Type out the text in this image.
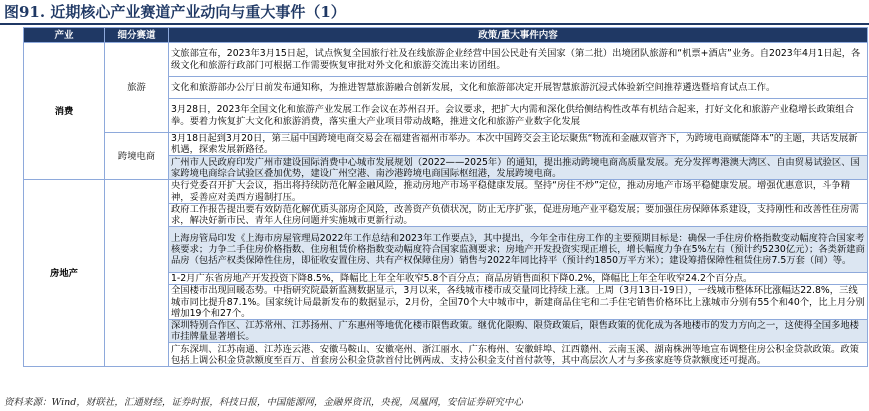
图91. 近期核心产业赛道产业动向与重大事件（1）
产业	细分赛道	政策/重大事件内容
消费	旅游	文旅部宣布，2023年3月15日起，试点恢复全国旅行社及在线旅游企业经营中国公民赴有关国家（第二批）出境团队旅游和“机票+酒店”业务。自2023年4月1日起，各级文化和旅游行政部门可根据工作需要恢复审批对外文化和旅游交流出来访团组。
		文化和旅游部办公厅日前发布通知称，为推进智慧旅游融合创新发展，文化和旅游部决定开展智慧旅游沉浸式体验新空间推荐遴选暨培育试点工作。
		3月28日，2023年全国文化和旅游产业发展工作会议在苏州召开。会议要求，把扩大内需和深化供给侧结构性改革有机结合起来，打好文化和旅游产业稳增长政策组合拳。要着力恢复扩大文化和旅游消费，落实重大产业项目带动战略，推进文化和旅游产业数字化发展
	跨境电商	3月18日起到3月20日，第三届中国跨境电商交易会在福建省福州市举办。本次中国跨交会主论坛聚焦“物流和金融双管齐下，为跨境电商赋能降本”的主题，共话发展新机遇，探索发展新路径。
		广州市人民政府印发广州市建设国际消费中心城市发展规划（2022——2025年）的通知，提出推动跨境电商高质量发展。充分发挥粤港澳大湾区、自由贸易试验区、国家跨境电商综合试验区叠加优势，建设广州空港、南沙港跨境电商国际枢纽港，发展跨境电商。
房地产		央行党委召开扩大会议，指出将持续防范化解金融风险，推动房地产市场平稳健康发展。坚持“房住不炒”定位，推动房地产市场平稳健康发展。增强优惠意识，斗争精神，妥善应对美西方遏制打压。
		政府工作报告提出要有效防范化解优质头部房企风险，改善资产负债状况，防止无序扩张，促进房地产业平稳发展；要加强住房保障体系建设，支持刚性和改善性住房需求，解决好新市民、青年人住房问题并实施城市更新行动。
		上海房管局印发《上海市房屋管理局2022年工作总结和2023年工作要点》，其中提出，今年全市住房工作的主要预期目标是：确保一手住房价格指数变动幅度符合国家考核要求；力争二手住房价格指数、住房租赁价格指数变动幅度符合国家监测要求；房地产开发投资实现正增长，增长幅度力争在5%左右（预计约5230亿元）；各类新建商品房（包括产权类保障性住房，即征收安置住房、共有产权保障住房）销售与2022年同比持平（预计约1850万平方米）；建设筹措保障性租赁住房7.5万套（间）等。
		1-2月广东省房地产开发投资下降8.5%，降幅比上年全年收窄5.8个百分点；商品房销售面积下降0.2%，降幅比上年全年收窄24.2个百分点。
		全国楼市出现回暖态势。中指研究院最新监测数据显示，3月以来，各线城市楼市成交量同比持续上涨。上周（3月13日-19日），一线城市整体环比涨幅达22.8%，三线城市同比提升87.1%。国家统计局最新发布的数据显示，2月份，全国70个大中城市中，新建商品住宅和二手住宅销售价格环比上涨城市分别有55个和40个，比上月分别增加19个和27个。
		深圳特别合作区、江苏常州、江苏扬州、广东惠州等地优化楼市限售政策。继优化限购、限贷政策后，限售政策的优化成为各地楼市的发力方向之一，这使得全国多地楼市挂牌量显著增长。
		广东深圳、江苏南通、江苏连云港、安徽马鞍山、安徽亳州、浙江丽水、广东梅州、安徽蚌埠、江西赣州、云南玉溪、湖南株洲等地宣布调整住房公积金贷款政策。政策包括上调公积金贷款额度至百万、首套房公积金贷款首付比例两成、支持公积金支付首付款等，其中高层次人才与多孩家庭等贷款额度还可提高。
资料来源：Wind，财联社，汇通财经，证券时报，科技日报，中国能源网，金融界资讯，央视，凤凰网，安信证券研究中心
